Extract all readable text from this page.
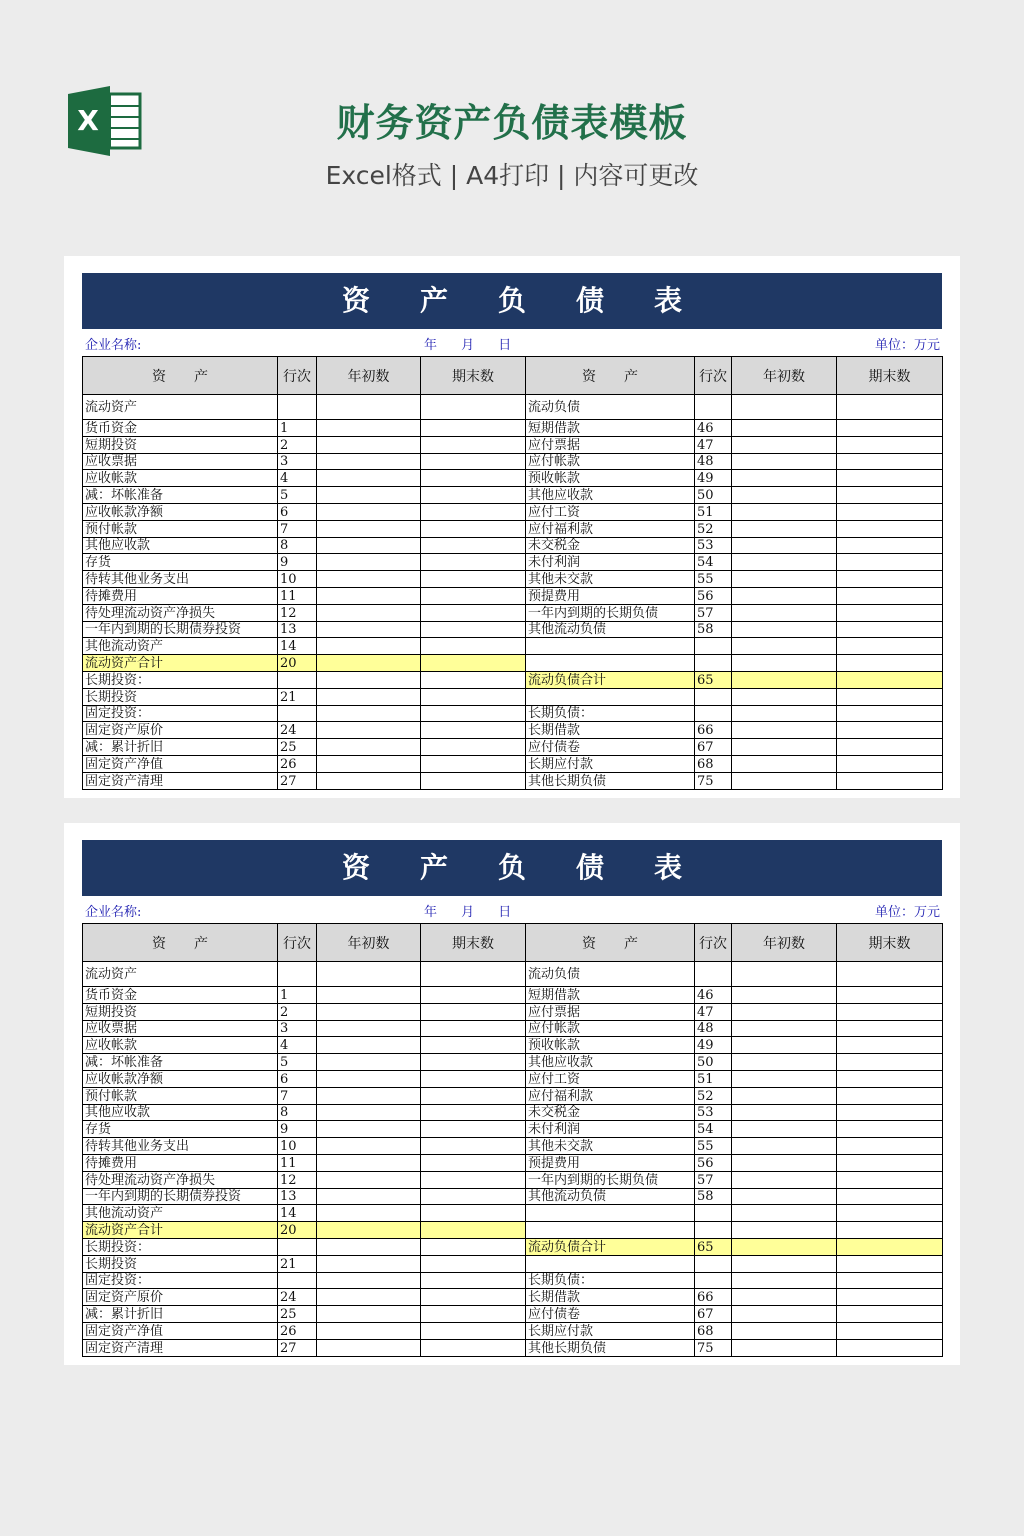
X	财务资产负债表模板
Excel格式 | A4打印 | 内容可更改
资产负债表
企业名称:	年 月 日	单位：万元
资　　产	行次	年初数	期末数	资　　产	行次	年初数	期末数
流动资产				流动负债			
货币资金	1			短期借款	46		
短期投资	2			应付票据	47		
应收票据	3			应付帐款	48		
应收帐款	4			预收帐款	49		
减：坏帐准备	5			其他应收款	50		
应收帐款净额	6			应付工资	51		
预付帐款	7			应付福利款	52		
其他应收款	8			未交税金	53		
存货	9			未付利润	54		
待转其他业务支出	10			其他未交款	55		
待摊费用	11			预提费用	56		
待处理流动资产净损失	12			一年内到期的长期负债	57		
一年内到期的长期债券投资	13			其他流动负债	58		
其他流动资产	14						
流动资产合计	20						
长期投资：				流动负债合计	65		
长期投资	21						
固定投资：				长期负债：			
固定资产原价	24			长期借款	66		
减：累计折旧	25			应付债卷	67		
固定资产净值	26			长期应付款	68		
固定资产清理	27			其他长期负债	75		
资产负债表
企业名称:	年 月 日	单位：万元
资　　产	行次	年初数	期末数	资　　产	行次	年初数	期末数
流动资产				流动负债			
货币资金	1			短期借款	46		
短期投资	2			应付票据	47		
应收票据	3			应付帐款	48		
应收帐款	4			预收帐款	49		
减：坏帐准备	5			其他应收款	50		
应收帐款净额	6			应付工资	51		
预付帐款	7			应付福利款	52		
其他应收款	8			未交税金	53		
存货	9			未付利润	54		
待转其他业务支出	10			其他未交款	55		
待摊费用	11			预提费用	56		
待处理流动资产净损失	12			一年内到期的长期负债	57		
一年内到期的长期债券投资	13			其他流动负债	58		
其他流动资产	14						
流动资产合计	20						
长期投资：				流动负债合计	65		
长期投资	21						
固定投资：				长期负债：			
固定资产原价	24			长期借款	66		
减：累计折旧	25			应付债卷	67		
固定资产净值	26			长期应付款	68		
固定资产清理	27			其他长期负债	75		
